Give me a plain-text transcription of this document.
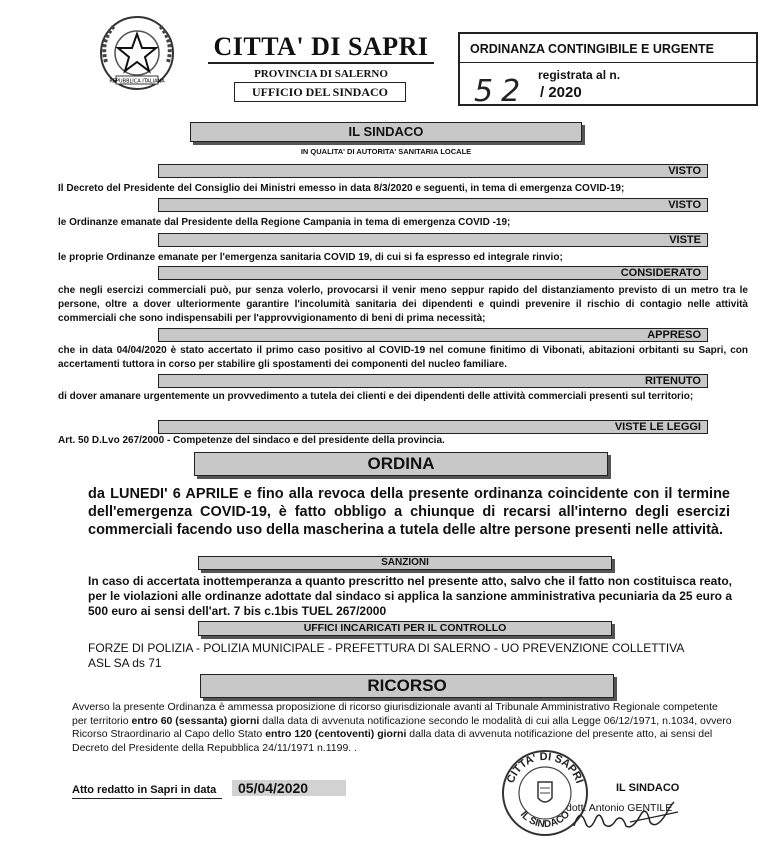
REPUBBLICA ITALIANA
CITTA' DI SAPRI
PROVINCIA DI SALERNO
UFFICIO DEL SINDACO
ORDINANZA CONTINGIBILE E URGENTE
registrata al n.
52 / 2020
IL SINDACO
IN QUALITA' DI AUTORITA' SANITARIA LOCALE
VISTO

Il Decreto del Presidente del Consiglio dei Ministri emesso in data 8/3/2020 e seguenti, in tema di emergenza COVID-19;

VISTO

le Ordinanze emanate dal Presidente della Regione Campania in tema di emergenza COVID -19;

VISTE

le proprie Ordinanze emanate per l'emergenza sanitaria COVID 19, di cui si fa espresso ed integrale rinvio;

CONSIDERATO

che negli esercizi commerciali può, pur senza volerlo, provocarsi il venir meno seppur rapido del distanziamento previsto di un metro tra le persone, oltre a dover ulteriormente garantire l'incolumità sanitaria dei dipendenti e quindi prevenire il rischio di contagio nelle attività commerciali che sono indispensabili per l'approvvigionamento di beni di prima necessità;

APPRESO

che in data 04/04/2020 è stato accertato il primo caso positivo al COVID-19 nel comune finitimo di Vibonati, abitazioni orbitanti su Sapri, con accertamenti tuttora in corso per stabilire gli spostamenti dei componenti del nucleo familiare.

RITENUTO

di dover amanare urgentemente un provvedimento a tutela dei clienti e dei dipendenti delle attività commerciali presenti sul territorio;

VISTE LE LEGGI

Art. 50 D.Lvo 267/2000 - Competenze del sindaco e del presidente della provincia.

ORDINA

da LUNEDI' 6 APRILE e fino alla revoca della presente ordinanza coincidente con il termine dell'emergenza COVID-19, è fatto obbligo a chiunque di recarsi all'interno degli esercizi commerciali facendo uso della mascherina a tutela delle altre persone presenti nelle attività.

SANZIONI

In caso di accertata inottemperanza a quanto prescritto nel presente atto, salvo che il fatto non costituisca reato, per le violazioni alle ordinanze adottate dal sindaco si applica la sanzione amministrativa pecuniaria da 25 euro a 500 euro ai sensi dell'art. 7 bis c.1bis TUEL 267/2000

UFFICI INCARICATI PER IL CONTROLLO

FORZE DI POLIZIA - POLIZIA MUNICIPALE - PREFETTURA DI SALERNO - UO PREVENZIONE COLLETTIVA

ASL SA ds 71

RICORSO

Avverso la presente Ordinanza è ammessa proposizione di ricorso giurisdizionale avanti al Tribunale Amministrativo Regionale competente per territorio entro 60 (sessanta) giorni dalla data di avvenuta notificazione secondo le modalità di cui alla Legge 06/12/1971, n.1034, ovvero Ricorso Straordinario al Capo dello Stato entro 120 (centoventi) giorni dalla data di avvenuta notificazione del presente atto, ai sensi del Decreto del Presidente della Repubblica 24/11/1971 n.1199. .

Atto redatto in Sapri in data	05/04/2020
CITTA' DI SAPRI
IL SINDACO
IL SINDACO
dott. Antonio GENTILE
